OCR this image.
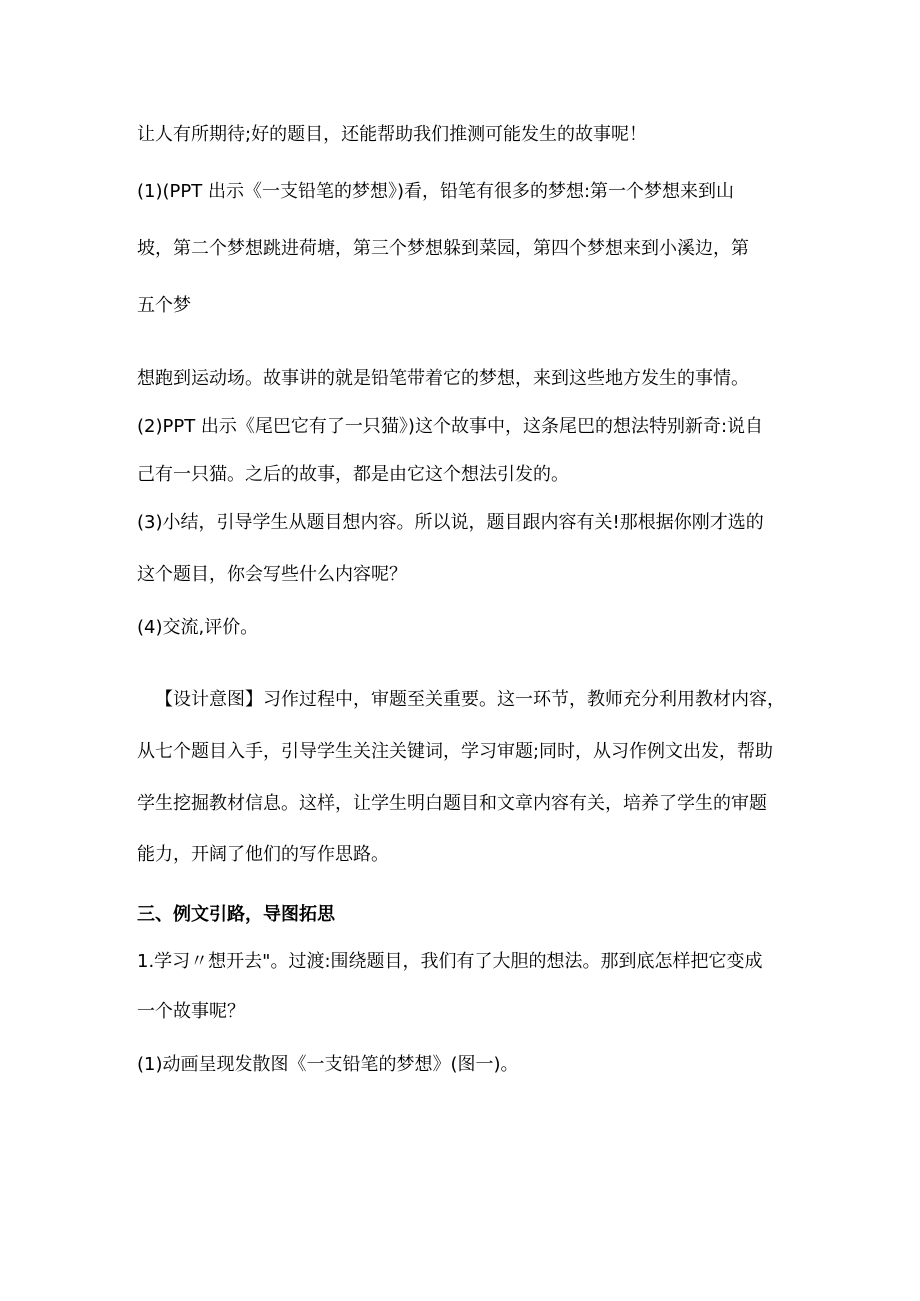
让人有所期待;好的题目，还能帮助我们推测可能发生的故事呢！

(1)(PPT 出示《一支铅笔的梦想》)看，铅笔有很多的梦想:第一个梦想来到山

坡，第二个梦想跳进荷塘，第三个梦想躲到菜园，第四个梦想来到小溪边，第

五个梦

想跑到运动场。故事讲的就是铅笔带着它的梦想，来到这些地方发生的事情。

(2)PPT 出示《尾巴它有了一只猫》)这个故事中，这条尾巴的想法特别新奇:说自

己有一只猫。之后的故事，都是由它这个想法引发的。

(3)小结，引导学生从题目想内容。所以说，题目跟内容有关!那根据你刚才选的

这个题目，你会写些什么内容呢？

(4)交流,评价。

【设计意图】习作过程中，审题至关重要。这一环节，教师充分利用教材内容，

从七个题目入手，引导学生关注关键词，学习审题;同时，从习作例文出发，帮助

学生挖掘教材信息。这样，让学生明白题目和文章内容有关，培养了学生的审题

能力，开阔了他们的写作思路。

三、例文引路，导图拓思

1.学习〃想开去"。过渡:围绕题目，我们有了大胆的想法。那到底怎样把它变成

一个故事呢？

(1)动画呈现发散图《一支铅笔的梦想》(图一)。
